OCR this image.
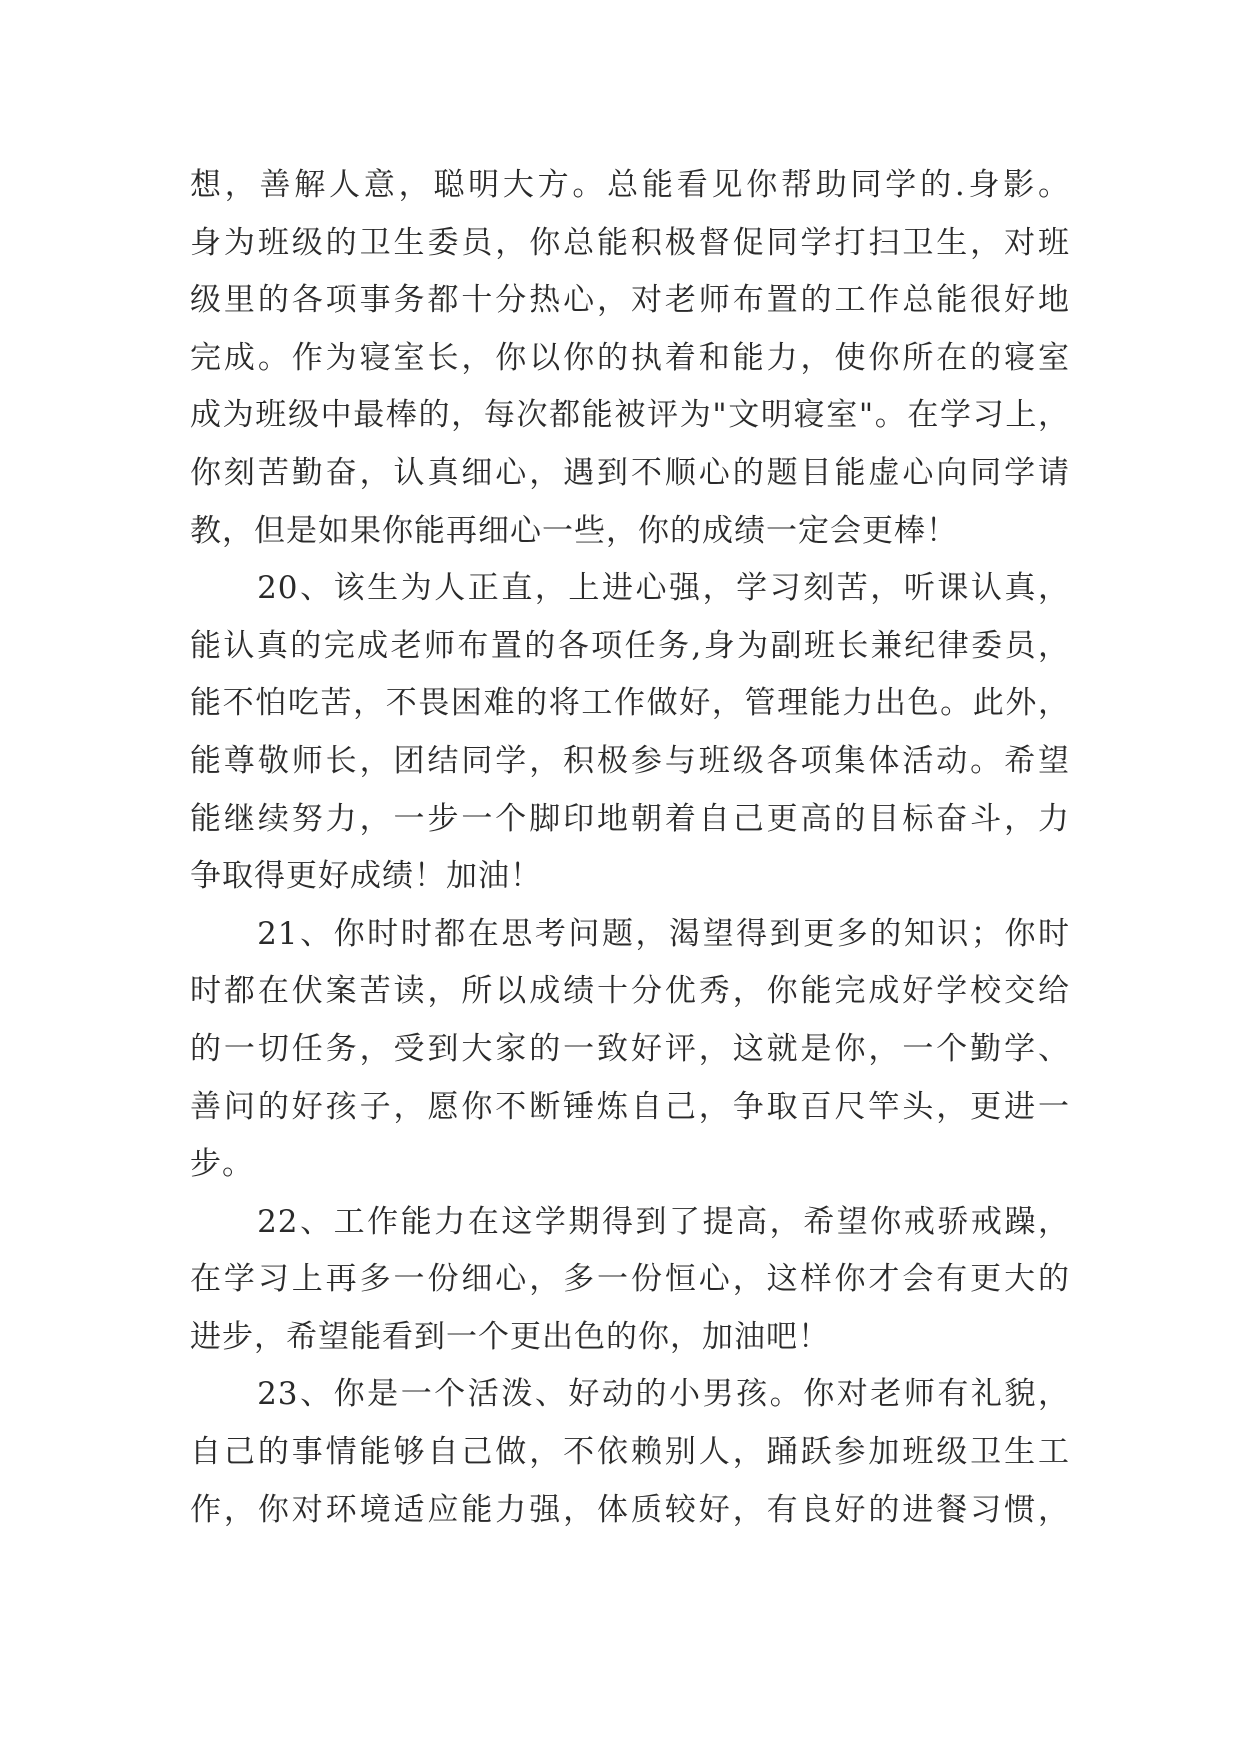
想，善解人意，聪明大方。总能看见你帮助同学的.身影。
身为班级的卫生委员，你总能积极督促同学打扫卫生，对班
级里的各项事务都十分热心，对老师布置的工作总能很好地
完成。作为寝室长，你以你的执着和能力，使你所在的寝室
成为班级中最棒的，每次都能被评为"文明寝室"。在学习上，
你刻苦勤奋，认真细心，遇到不顺心的题目能虚心向同学请
教，但是如果你能再细心一些，你的成绩一定会更棒！
　　20、该生为人正直，上进心强，学习刻苦，听课认真，
能认真的完成老师布置的各项任务,身为副班长兼纪律委员，
能不怕吃苦，不畏困难的将工作做好，管理能力出色。此外，
能尊敬师长，团结同学，积极参与班级各项集体活动。希望
能继续努力，一步一个脚印地朝着自己更高的目标奋斗，力
争取得更好成绩！加油！
　　21、你时时都在思考问题，渴望得到更多的知识；你时
时都在伏案苦读，所以成绩十分优秀，你能完成好学校交给
的一切任务，受到大家的一致好评，这就是你，一个勤学、
善问的好孩子，愿你不断锤炼自己，争取百尺竿头，更进一
步。
　　22、工作能力在这学期得到了提高，希望你戒骄戒躁，
在学习上再多一份细心，多一份恒心，这样你才会有更大的
进步，希望能看到一个更出色的你，加油吧！
　　23、你是一个活泼、好动的小男孩。你对老师有礼貌，
自己的事情能够自己做，不依赖别人，踊跃参加班级卫生工
作，你对环境适应能力强，体质较好，有良好的进餐习惯，
